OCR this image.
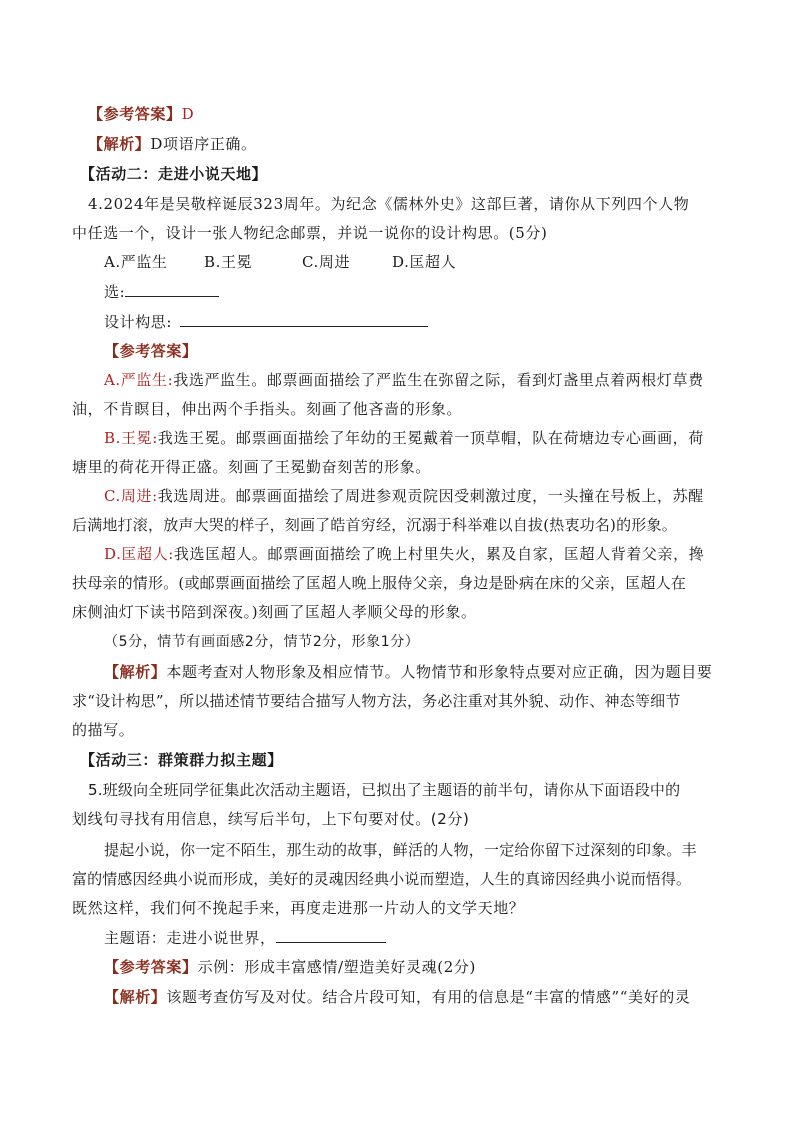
【参考答案】D
【解析】D项语序正确。
【活动二：走进小说天地】
4.2024年是吴敬梓诞辰323周年。为纪念《儒林外史》这部巨著，请你从下列四个人物
中任选一个，设计一张人物纪念邮票，并说一说你的设计构思。(5分)
A.严监生 B.王冕	C.周进	D.匡超人
选:
设计构思:
【参考答案】
A.严监生:我选严监生。邮票画面描绘了严监生在弥留之际，看到灯盏里点着两根灯草费
油，不肯瞑目，伸出两个手指头。刻画了他吝啬的形象。
B.王冕:我选王冕。邮票画面描绘了年幼的王冕戴着一顶草帽，队在荷塘边专心画画，荷
塘里的荷花开得正盛。刻画了王冕勤奋刻苦的形象。
C.周进:我选周进。邮票画面描绘了周进参观贡院因受刺激过度，一头撞在号板上，苏醒
后满地打滚，放声大哭的样子，刻画了皓首穷经，沉溺于科举难以自拔(热衷功名)的形象。
D.匡超人:我选匡超人。邮票画面描绘了晚上村里失火，累及自家，匡超人背着父亲，搀
扶母亲的情形。(或邮票画面描绘了匡超人晚上服侍父亲，身边是卧病在床的父亲，匡超人在
床侧油灯下读书陪到深夜。)刻画了匡超人孝顺父母的形象。
（5分，情节有画面感2分，情节2分，形象1分）
【解析】本题考查对人物形象及相应情节。人物情节和形象特点要对应正确，因为题目要
求“设计构思”，所以描述情节要结合描写人物方法，务必注重对其外貌、动作、神态等细节
的描写。
【活动三：群策群力拟主题】
5.班级向全班同学征集此次活动主题语，已拟出了主题语的前半句，请你从下面语段中的
划线句寻找有用信息，续写后半句，上下句要对仗。(2分)
提起小说，你一定不陌生，那生动的故事，鲜活的人物，一定给你留下过深刻的印象。丰
富的情感因经典小说而形成，美好的灵魂因经典小说而塑造，人生的真谛因经典小说而悟得。
既然这样，我们何不挽起手来，再度走进那一片动人的文学天地？
主题语：走进小说世界，
【参考答案】示例：形成丰富感情/塑造美好灵魂(2分)
【解析】该题考查仿写及对仗。结合片段可知，有用的信息是“丰富的情感”“美好的灵
